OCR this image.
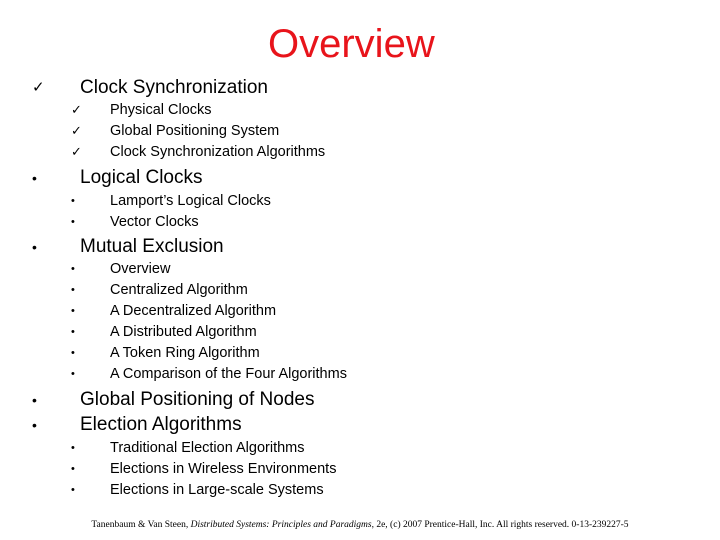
Overview
✓ Clock Synchronization
✓ Physical Clocks
✓ Global Positioning System
✓ Clock Synchronization Algorithms
• Logical Clocks
• Lamport’s Logical Clocks
• Vector Clocks
• Mutual Exclusion
• Overview
• Centralized Algorithm
• A Decentralized Algorithm
• A Distributed Algorithm
• A Token Ring Algorithm
• A Comparison of the Four Algorithms
• Global Positioning of Nodes
• Election Algorithms
• Traditional Election Algorithms
• Elections in Wireless Environments
• Elections in Large-scale Systems
Tanenbaum & Van Steen, Distributed Systems: Principles and Paradigms, 2e, (c) 2007 Prentice-Hall, Inc. All rights reserved. 0-13-239227-5
